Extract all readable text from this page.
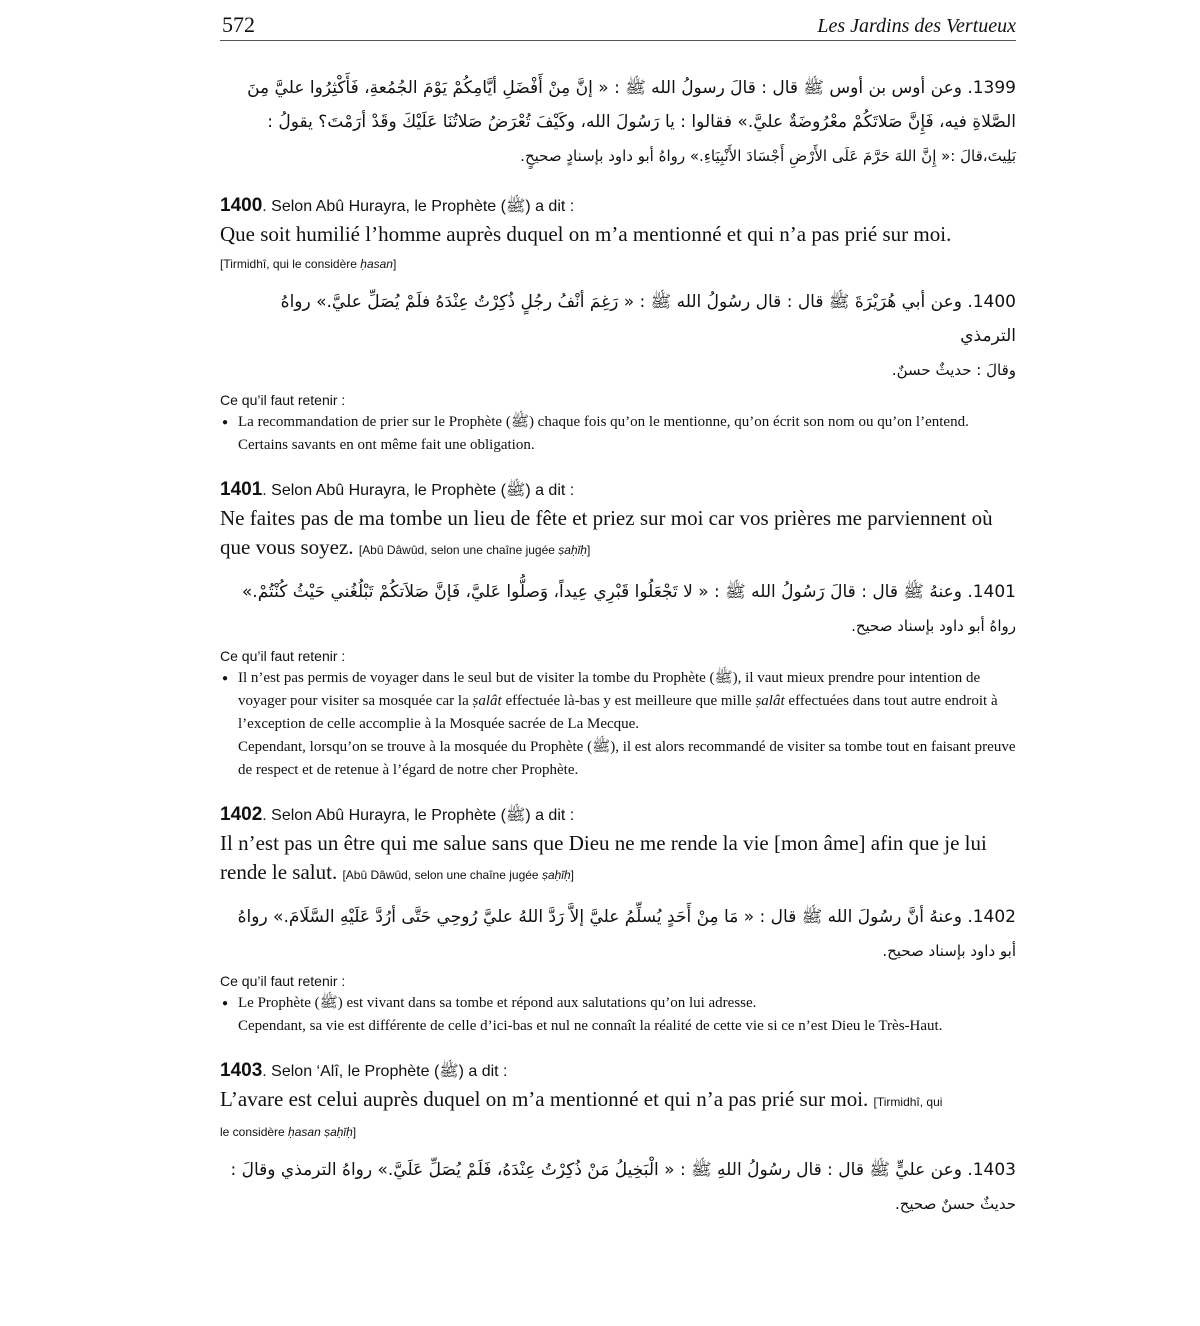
572	Les Jardins des Vertueux
1399. وعن أوس بن أوس ﷺ قال : قالَ رسولُ الله ﷺ : « إنَّ مِنْ أَفْضَلِ أيَّامِكُمْ يَوْمَ الجُمُعةِ، فَأَكْثِرُوا عليَّ مِنَ
الصَّلاةِ فيه، فَإِنَّ صَلاتَكُمْ معْرُوضَةٌ عليَّ.» فقالوا : يا رَسُولَ الله، وكَيْفَ تُعْرَضُ صَلاتُنَا عَلَيْكَ وقَدْ أرَمْتَ؟ يقولُ :
بَلِيتَ،قالَ :« إِنَّ اللهَ حَرَّمَ عَلَى الأَرْضِ أَجْسَادَ الأَنْبِيَاءِ.» رواهُ أبو داود بإسنادٍ صحيحٍ.
1400. Selon Abû Hurayra, le Prophète (ﷺ) a dit :
Que soit humilié l’homme auprès duquel on m’a mentionné et qui n’a pas prié sur moi.
[Tirmidhî, qui le considère ḥasan]
1400. وعن أبي هُرَيْرَةَ ﷺ قال : قال رسُولُ الله ﷺ : « رَغِمَ أنْفُ رجُلٍ ذُكِرْتُ عِنْدَهُ فلَمْ يُصَلِّ عليَّ.» رواهُ الترمذي
وقالَ : حديثٌ حسنٌ.
Ce qu’il faut retenir :
● La recommandation de prier sur le Prophète (ﷺ) chaque fois qu’on le mentionne, qu’on écrit son nom ou qu’on l’entend. Certains savants en ont même fait une obligation.

1401. Selon Abû Hurayra, le Prophète (ﷺ) a dit :
Ne faites pas de ma tombe un lieu de fête et priez sur moi car vos prières me parviennent où que vous soyez. [Abû Dâwûd, selon une chaîne jugée ṣaḥīḥ]
1401. وعنهُ ﷺ قال : قالَ رَسُولُ الله ﷺ : « لا تَجْعَلُوا قَبْرِي عِيداً، وَصلُّوا عَليَّ، فَإنَّ صَلاَتكُمْ تَبْلُغُني حَيْثُ كُنْتُمْ.»
رواهُ أبو داود بإسناد صحيح.
Ce qu’il faut retenir :
● Il n’est pas permis de voyager dans le seul but de visiter la tombe du Prophète (ﷺ), il vaut mieux prendre pour intention de voyager pour visiter sa mosquée car la ṣalât effectuée là-bas y est meilleure que mille ṣalât effectuées dans tout autre endroit à l’exception de celle accomplie à la Mosquée sacrée de La Mecque.

Cependant, lorsqu’on se trouve à la mosquée du Prophète (ﷺ), il est alors recommandé de visiter sa tombe tout en faisant preuve de respect et de retenue à l’égard de notre cher Prophète.

1402. Selon Abû Hurayra, le Prophète (ﷺ) a dit :
Il n’est pas un être qui me salue sans que Dieu ne me rende la vie [mon âme] afin que je lui rende le salut. [Abû Dâwûd, selon une chaîne jugée ṣaḥīḥ]
1402. وعنهُ أنَّ رسُولَ الله ﷺ قال : « مَا مِنْ أَحَدٍ يُسلِّمُ عليَّ إلاَّ رَدَّ اللهُ عليَّ رُوحِي حَتَّى أرُدَّ عَلَيْهِ السَّلَامَ.» رواهُ
أبو داود بإسناد صحيح.
Ce qu’il faut retenir :
● Le Prophète (ﷺ) est vivant dans sa tombe et répond aux salutations qu’on lui adresse.

Cependant, sa vie est différente de celle d’ici-bas et nul ne connaît la réalité de cette vie si ce n’est Dieu le Très-Haut.

1403. Selon ‘Alî, le Prophète (ﷺ) a dit :
L’avare est celui auprès duquel on m’a mentionné et qui n’a pas prié sur moi. [Tirmidhî, qui
le considère ḥasan ṣaḥīḥ]
1403. وعن عليٍّ ﷺ قال : قال رسُولُ اللهِ ﷺ : « الْبَخِيلُ مَنْ ذُكِرْتُ عِنْدَهُ، فَلَمْ يُصَلِّ عَلَيَّ.» رواهُ الترمذي وقالَ :
حديثٌ حسنٌ صحيح.
